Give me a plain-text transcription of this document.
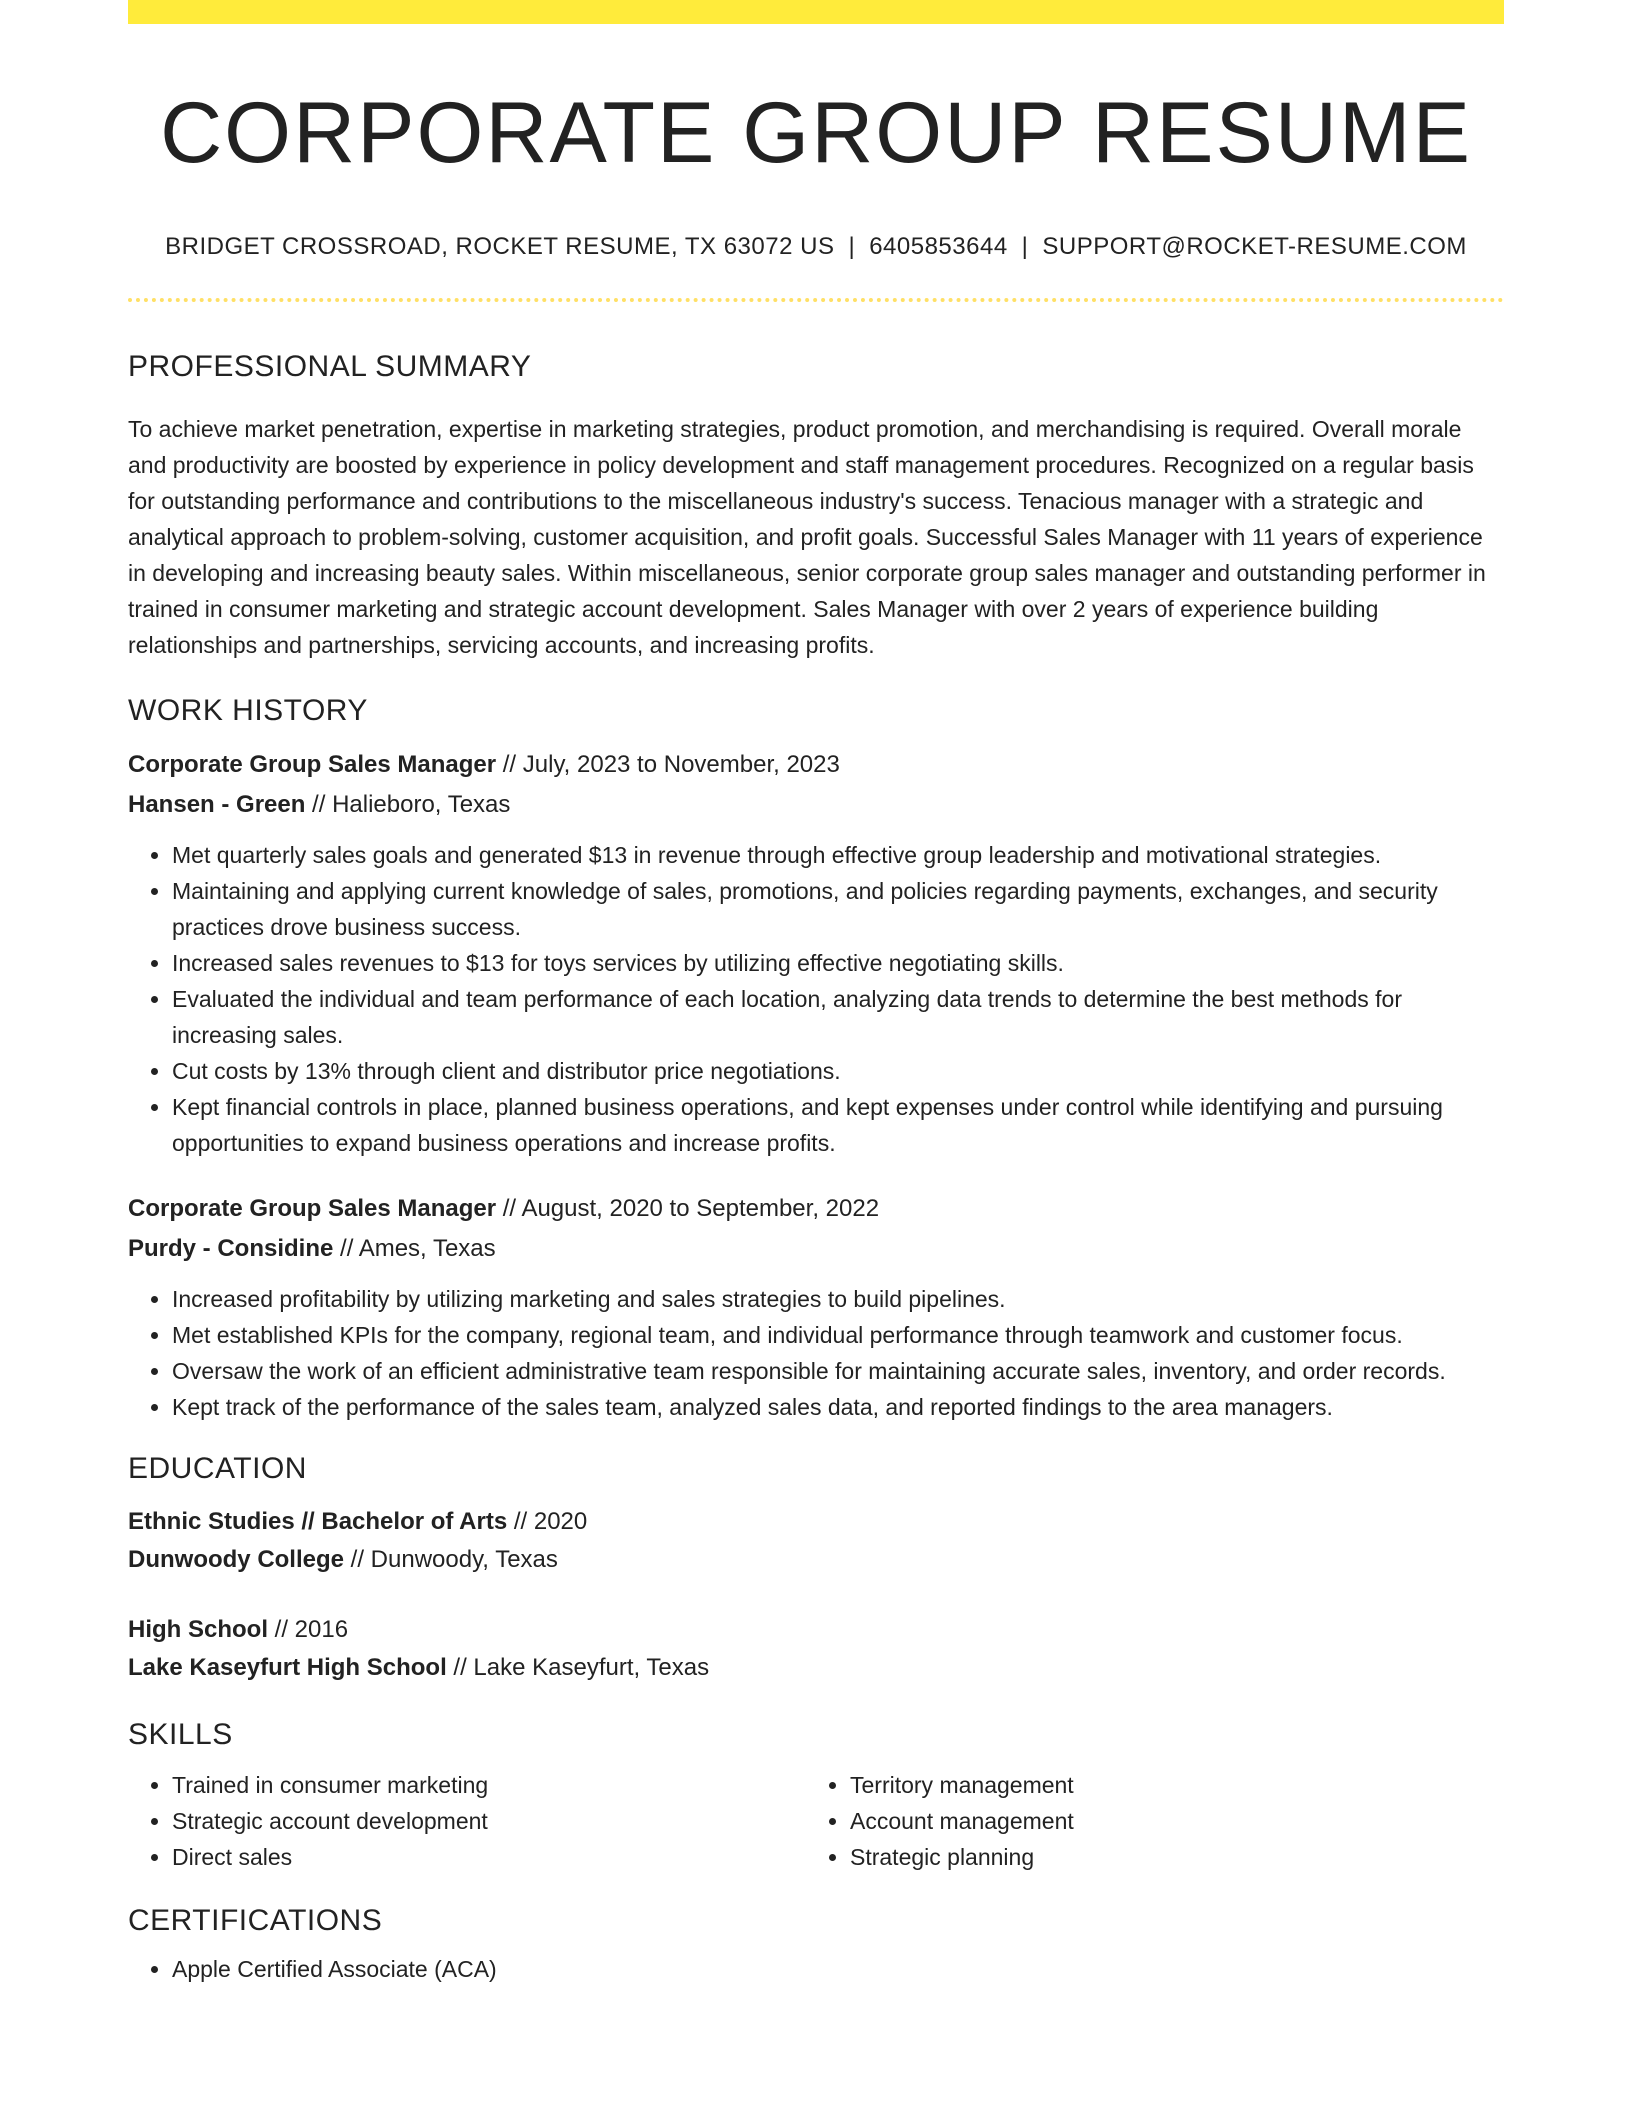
CORPORATE GROUP RESUME
BRIDGET CROSSROAD, ROCKET RESUME, TX 63072 US | 6405853644 | SUPPORT@ROCKET-RESUME.COM
PROFESSIONAL SUMMARY
To achieve market penetration, expertise in marketing strategies, product promotion, and merchandising is required. Overall morale and productivity are boosted by experience in policy development and staff management procedures. Recognized on a regular basis for outstanding performance and contributions to the miscellaneous industry's success. Tenacious manager with a strategic and analytical approach to problem-solving, customer acquisition, and profit goals. Successful Sales Manager with 11 years of experience in developing and increasing beauty sales. Within miscellaneous, senior corporate group sales manager and outstanding performer in trained in consumer marketing and strategic account development. Sales Manager with over 2 years of experience building relationships and partnerships, servicing accounts, and increasing profits.
WORK HISTORY
Corporate Group Sales Manager // July, 2023 to November, 2023
Hansen - Green // Halieboro, Texas
• Met quarterly sales goals and generated $13 in revenue through effective group leadership and motivational strategies.
• Maintaining and applying current knowledge of sales, promotions, and policies regarding payments, exchanges, and security practices drove business success.
• Increased sales revenues to $13 for toys services by utilizing effective negotiating skills.
• Evaluated the individual and team performance of each location, analyzing data trends to determine the best methods for increasing sales.
• Cut costs by 13% through client and distributor price negotiations.
• Kept financial controls in place, planned business operations, and kept expenses under control while identifying and pursuing opportunities to expand business operations and increase profits.
Corporate Group Sales Manager // August, 2020 to September, 2022
Purdy - Considine // Ames, Texas
• Increased profitability by utilizing marketing and sales strategies to build pipelines.
• Met established KPIs for the company, regional team, and individual performance through teamwork and customer focus.
• Oversaw the work of an efficient administrative team responsible for maintaining accurate sales, inventory, and order records.
• Kept track of the performance of the sales team, analyzed sales data, and reported findings to the area managers.
EDUCATION
Ethnic Studies // Bachelor of Arts // 2020
Dunwoody College // Dunwoody, Texas
High School // 2016
Lake Kaseyfurt High School // Lake Kaseyfurt, Texas
SKILLS
• Trained in consumer marketing
• Strategic account development
• Direct sales
• Territory management
• Account management
• Strategic planning
CERTIFICATIONS
• Apple Certified Associate (ACA)
